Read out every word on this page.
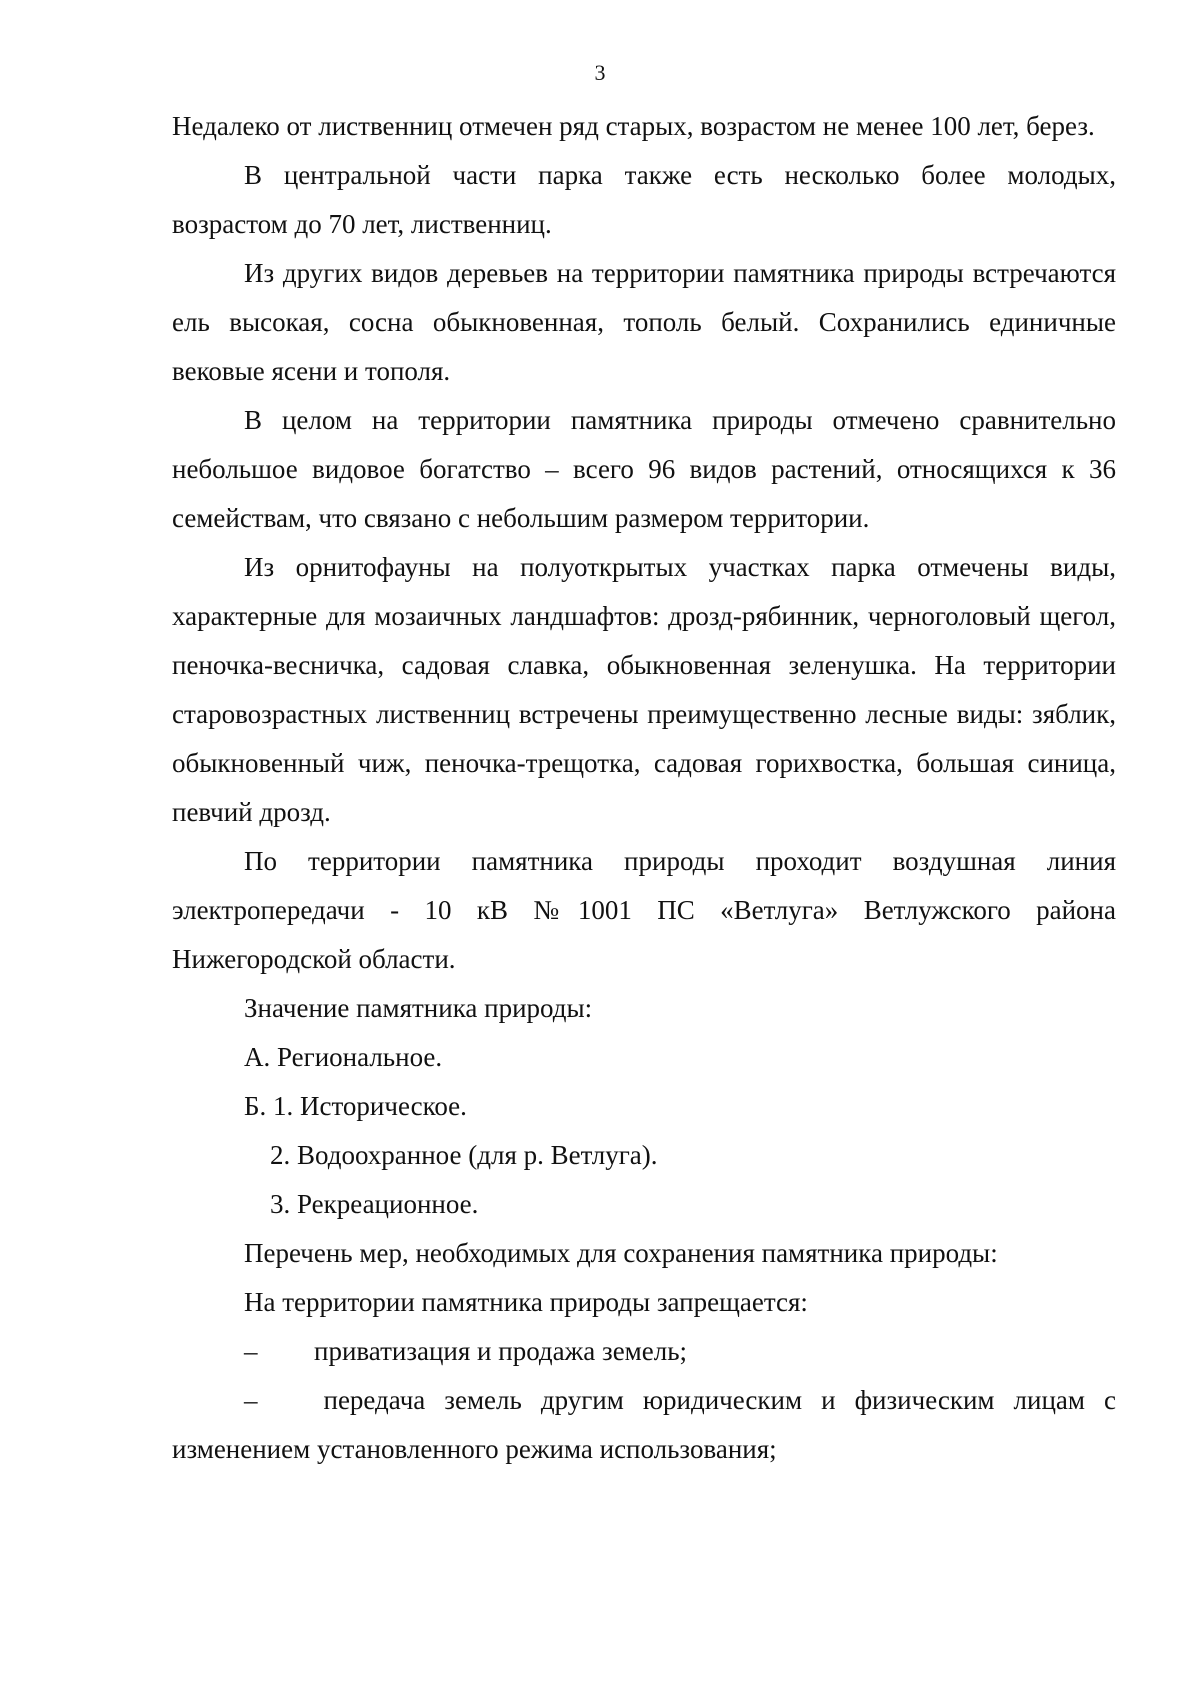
3

Недалеко от лиственниц отмечен ряд старых, возрастом не менее 100 лет, берез.

В центральной части парка также есть несколько более молодых, возрастом до 70 лет, лиственниц.

Из других видов деревьев на территории памятника природы встречаются ель высокая, сосна обыкновенная, тополь белый. Сохранились единичные вековые ясени и тополя.

В целом на территории памятника природы отмечено сравнительно небольшое видовое богатство – всего 96 видов растений, относящихся к 36 семействам, что связано с небольшим размером территории.

Из орнитофауны на полуоткрытых участках парка отмечены виды, характерные для мозаичных ландшафтов: дрозд-рябинник, черноголовый щегол, пеночка-весничка, садовая славка, обыкновенная зеленушка. На территории старовозрастных лиственниц встречены преимущественно лесные виды: зяблик, обыкновенный чиж, пеночка-трещотка, садовая горихвостка, большая синица, певчий дрозд.

По территории памятника природы проходит воздушная линия электропередачи - 10 кВ №1001 ПС «Ветлуга» Ветлужского района Нижегородской области.

Значение памятника природы:

А. Региональное.

Б. 1. Историческое.

2. Водоохранное (для р. Ветлуга).

3. Рекреационное.

Перечень мер, необходимых для сохранения памятника природы:

На территории памятника природы запрещается:

–	приватизация и продажа земель;

– передача земель другим юридическим и физическим лицам с изменением установленного режима использования;
